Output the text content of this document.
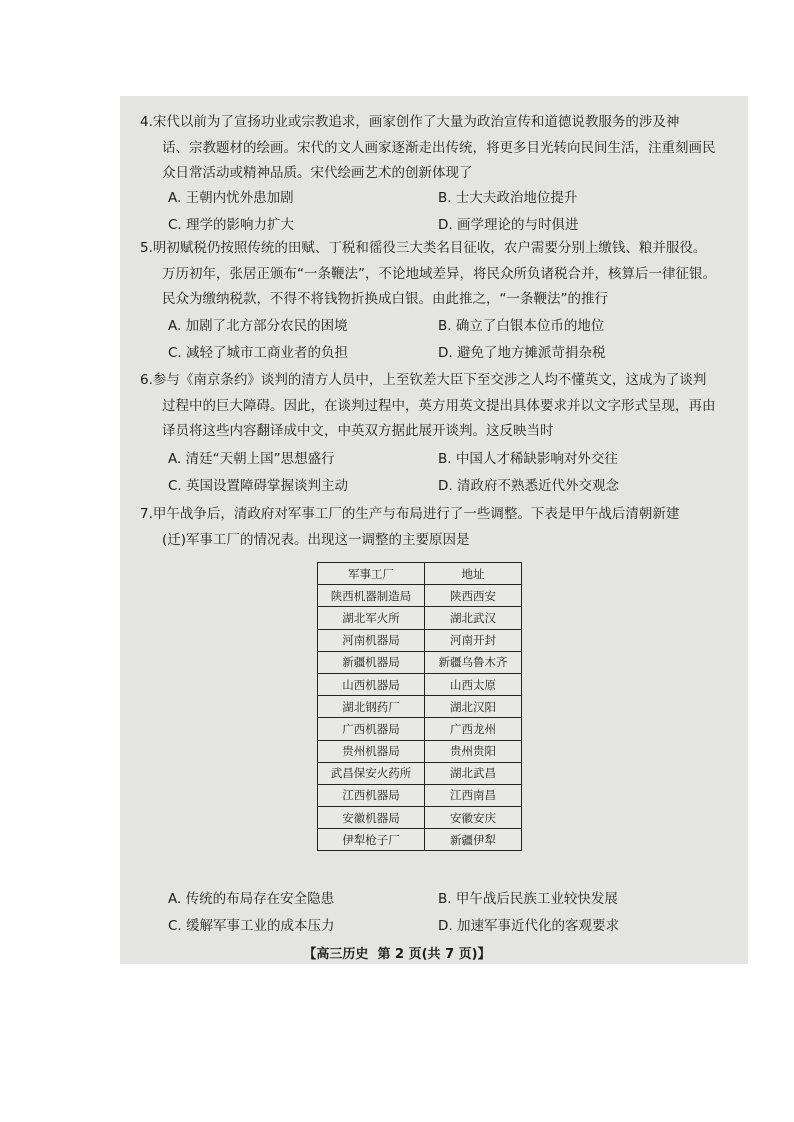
4.宋代以前为了宣扬功业或宗教追求，画家创作了大量为政治宣传和道德说教服务的涉及神

话、宗教题材的绘画。宋代的文人画家逐渐走出传统，将更多目光转向民间生活，注重刻画民

众日常活动或精神品质。宋代绘画艺术的创新体现了

A. 王朝内忧外患加剧	B. 士大夫政治地位提升
C. 理学的影响力扩大	D. 画学理论的与时俱进

5.明初赋税仍按照传统的田赋、丁税和徭役三大类名目征收，农户需要分别上缴钱、粮并服役。

万历初年，张居正颁布“一条鞭法”，不论地域差异，将民众所负诸税合并，核算后一律征银。

民众为缴纳税款，不得不将钱物折换成白银。由此推之，“一条鞭法”的推行

A. 加剧了北方部分农民的困境	B. 确立了白银本位币的地位
C. 减轻了城市工商业者的负担	D. 避免了地方摊派苛捐杂税

6.参与《南京条约》谈判的清方人员中，上至钦差大臣下至交涉之人均不懂英文，这成为了谈判

过程中的巨大障碍。因此，在谈判过程中，英方用英文提出具体要求并以文字形式呈现，再由

译员将这些内容翻译成中文，中英双方据此展开谈判。这反映当时

A. 清廷“天朝上国”思想盛行	B. 中国人才稀缺影响对外交往
C. 英国设置障碍掌握谈判主动	D. 清政府不熟悉近代外交观念

7.甲午战争后，清政府对军事工厂的生产与布局进行了一些调整。下表是甲午战后清朝新建

(迁)军事工厂的情况表。出现这一调整的主要原因是

军事工厂	地址
陕西机器制造局	陕西西安
湖北军火所	湖北武汉
河南机器局	河南开封
新疆机器局	新疆乌鲁木齐
山西机器局	山西太原
湖北钢药厂	湖北汉阳
广西机器局	广西龙州
贵州机器局	贵州贵阳
武昌保安火药所	湖北武昌
江西机器局	江西南昌
安徽机器局	安徽安庆
伊犁枪子厂	新疆伊犁
A. 传统的布局存在安全隐患	B. 甲午战后民族工业较快发展
C. 缓解军事工业的成本压力	D. 加速军事近代化的客观要求
【高三历史 第 2 页(共 7 页)】
